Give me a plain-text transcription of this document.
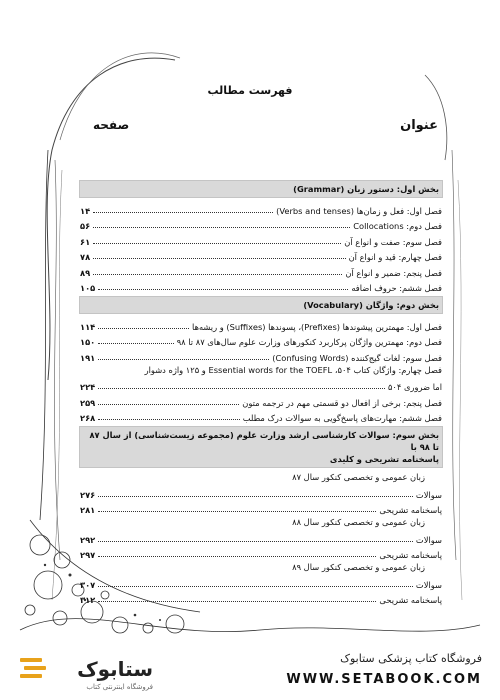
فهرست مطالب
عنوان
صفحه
بخش اول: دستور زبان (Grammar)
فصل اول: فعل و زمان‌ها (Verbs and tenses)
۱۴
فصل دوم: Collocations
۵۶
فصل سوم: صفت و انواع آن
۶۱
فصل چهارم: قید و انواع آن
۷۸
فصل پنجم: ضمیر و انواع آن
۸۹
فصل ششم: حروف اضافه
۱۰۵
بخش دوم: واژگان (Vocabulary)
فصل اول: مهمترین پیشوندها (Prefixes)، پسوندها (Suffixes) و ریشه‌ها
۱۱۴
فصل دوم: مهمترین واژگان پرکاربرد کنکورهای وزارت علوم سال‌های ۸۷ تا ۹۸
۱۵۰
فصل سوم: لغات گیج‌کننده (Confusing Words)
۱۹۱
فصل چهارم: واژگان کتاب ۵۰۴، Essential words for the TOEFL و ۱۲۵ واژه دشوار
اما ضروری ۵۰۴
۲۲۴
فصل پنجم: برخی از افعال دو قسمتی مهم در ترجمه متون
۲۵۹
فصل ششم: مهارت‌های پاسخ‌گویی به سوالات درک مطلب
۲۶۸
بخش سوم: سوالات کارشناسی ارشد وزارت علوم (مجموعه زیست‌شناسی) از سال ۸۷ تا ۹۸ با
پاسخنامه تشریحی و کلیدی
زبان عمومی و تخصصی کنکور سال ۸۷
سوالات
۲۷۶
پاسخنامه تشریحی
۲۸۱
زبان عمومی و تخصصی کنکور سال ۸۸
سوالات
۲۹۲
پاسخنامه تشریحی
۲۹۷
زبان عمومی و تخصصی کنکور سال ۸۹
سوالات
۳۰۷
پاسخنامه تشریحی
۳۱۲
ستابوک
فروشگاه اینترنتی کتاب
فروشگاه کتاب پزشکی ستابوک
WWW.SETABOOK.COM
